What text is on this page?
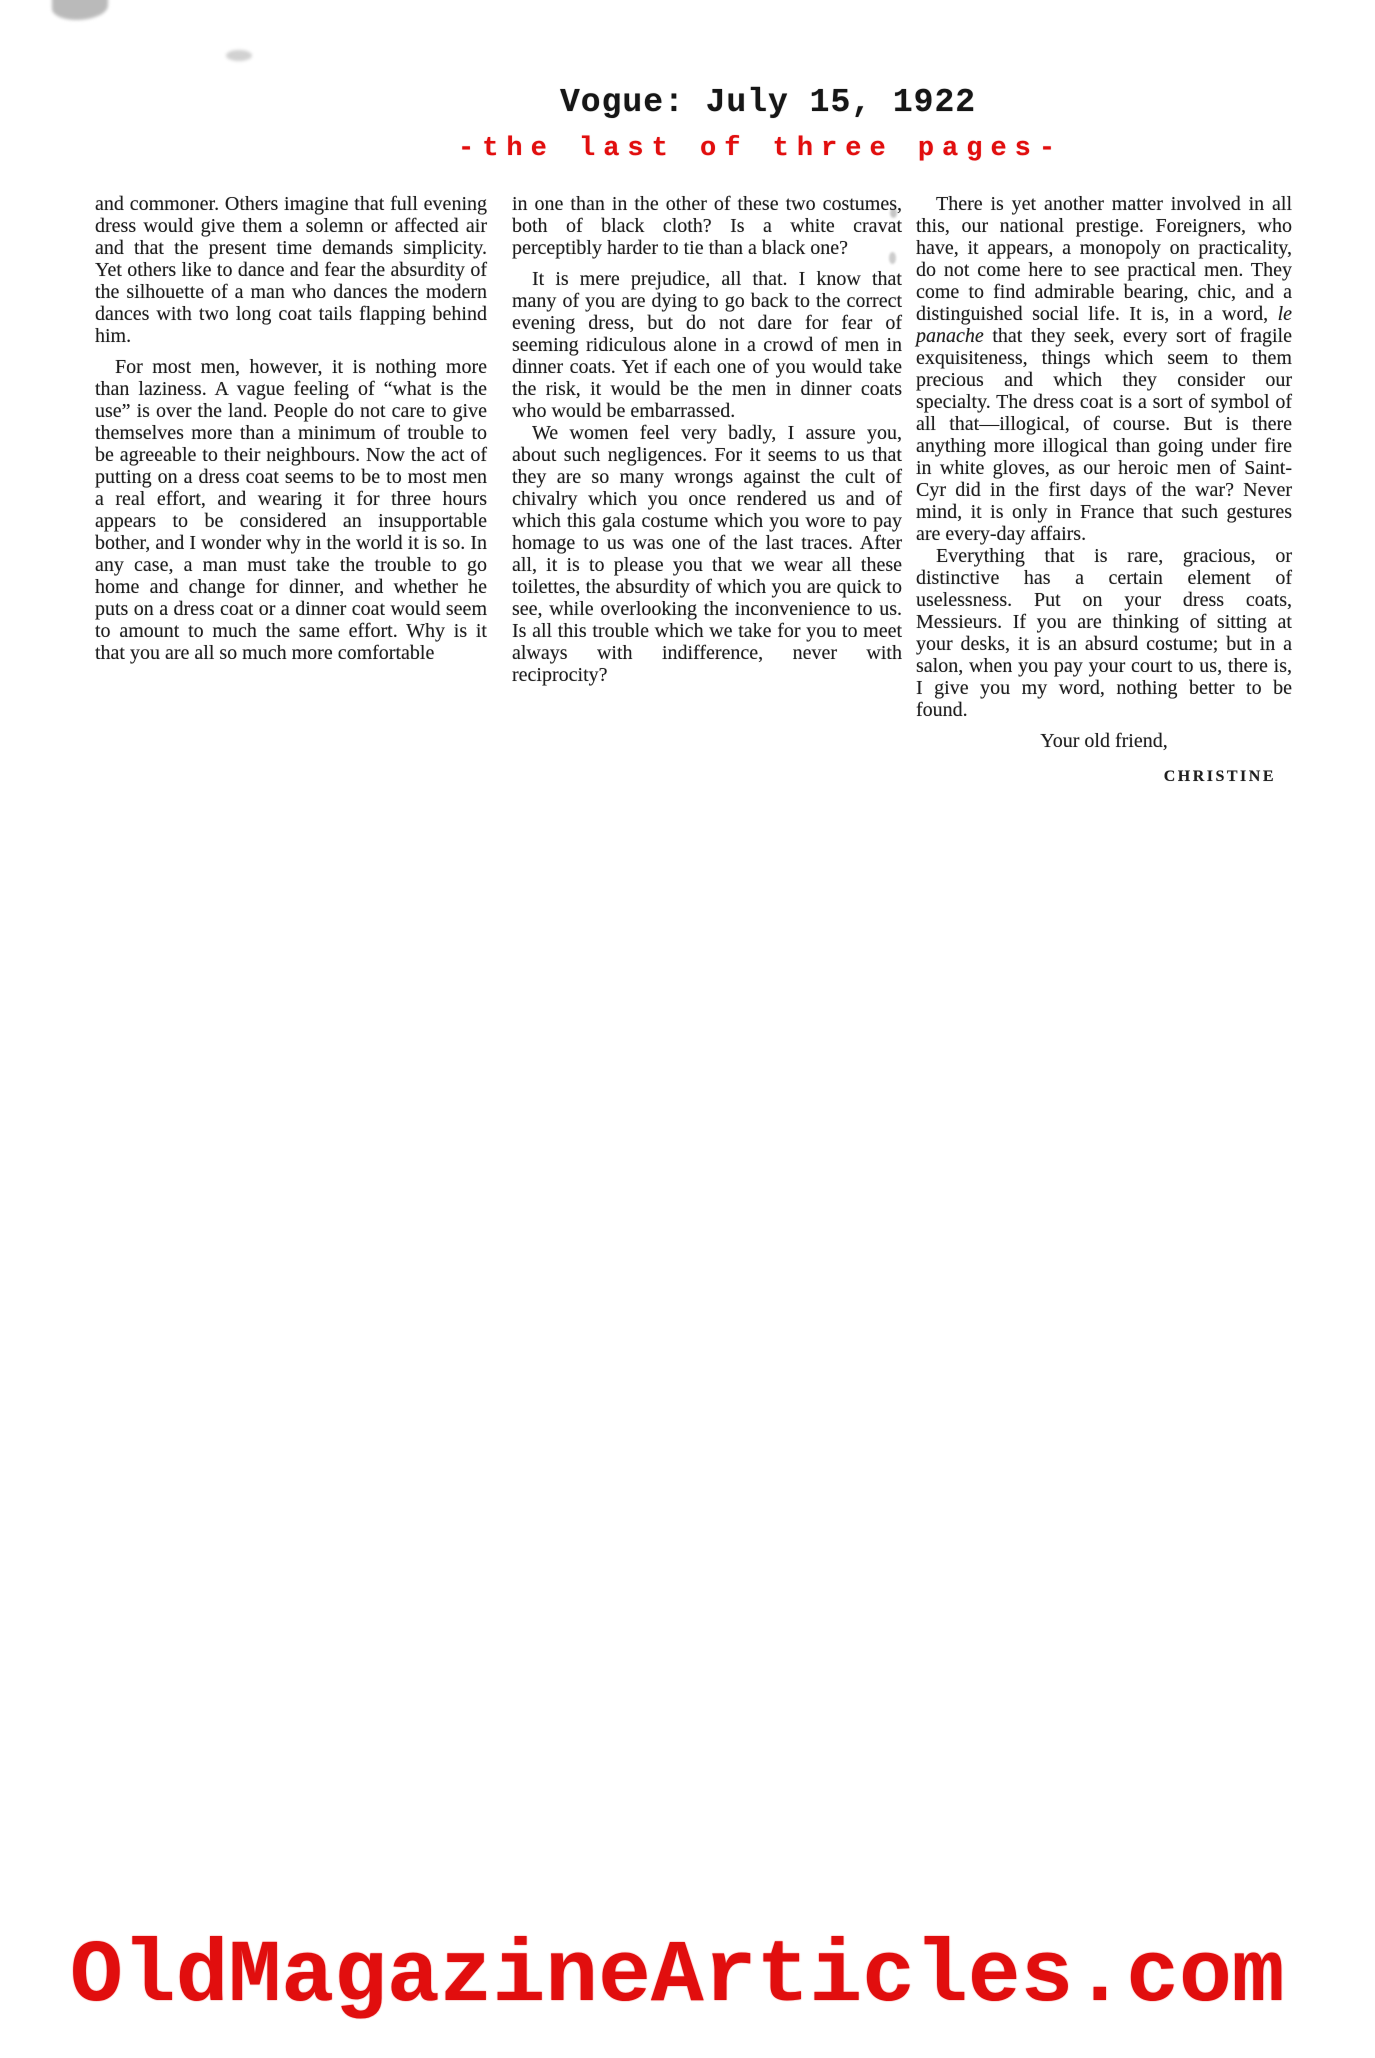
Vogue: July 15, 1922
-the last of three pages-

and commoner. Others imagine that full evening dress would give them a solemn or affected air and that the present time demands simplicity. Yet others like to dance and fear the absurdity of the silhouette of a man who dances the modern dances with two long coat tails flapping behind him.

For most men, however, it is nothing more than laziness. A vague feeling of “what is the use” is over the land. People do not care to give themselves more than a minimum of trouble to be agreeable to their neighbours. Now the act of putting on a dress coat seems to be to most men a real effort, and wearing it for three hours appears to be considered an insupportable bother, and I wonder why in the world it is so. In any case, a man must take the trouble to go home and change for dinner, and whether he puts on a dress coat or a dinner coat would seem to amount to much the same effort. Why is it that you are all so much more comfortable

in one than in the other of these two costumes, both of black cloth? Is a white cravat perceptibly harder to tie than a black one?

It is mere prejudice, all that. I know that many of you are dying to go back to the correct evening dress, but do not dare for fear of seeming ridiculous alone in a crowd of men in dinner coats. Yet if each one of you would take the risk, it would be the men in dinner coats who would be embarrassed.

We women feel very badly, I assure you, about such negligences. For it seems to us that they are so many wrongs against the cult of chivalry which you once rendered us and of which this gala costume which you wore to pay homage to us was one of the last traces. After all, it is to please you that we wear all these toilettes, the absurdity of which you are quick to see, while overlooking the inconvenience to us. Is all this trouble which we take for you to meet always with indifference, never with reciprocity?

There is yet another matter involved in all this, our national prestige. Foreigners, who have, it appears, a monopoly on practicality, do not come here to see practical men. They come to find admirable bearing, chic, and a distinguished social life. It is, in a word, le panache that they seek, every sort of fragile exquisiteness, things which seem to them precious and which they consider our specialty. The dress coat is a sort of symbol of all that—illogical, of course. But is there anything more illogical than going under fire in white gloves, as our heroic men of Saint-Cyr did in the first days of the war? Never mind, it is only in France that such gestures are every-day affairs.

Everything that is rare, gracious, or distinctive has a certain element of uselessness. Put on your dress coats, Messieurs. If you are thinking of sitting at your desks, it is an absurd costume; but in a salon, when you pay your court to us, there is, I give you my word, nothing better to be found.

Your old friend,
CHRISTINE
OldMagazineArticles.com
